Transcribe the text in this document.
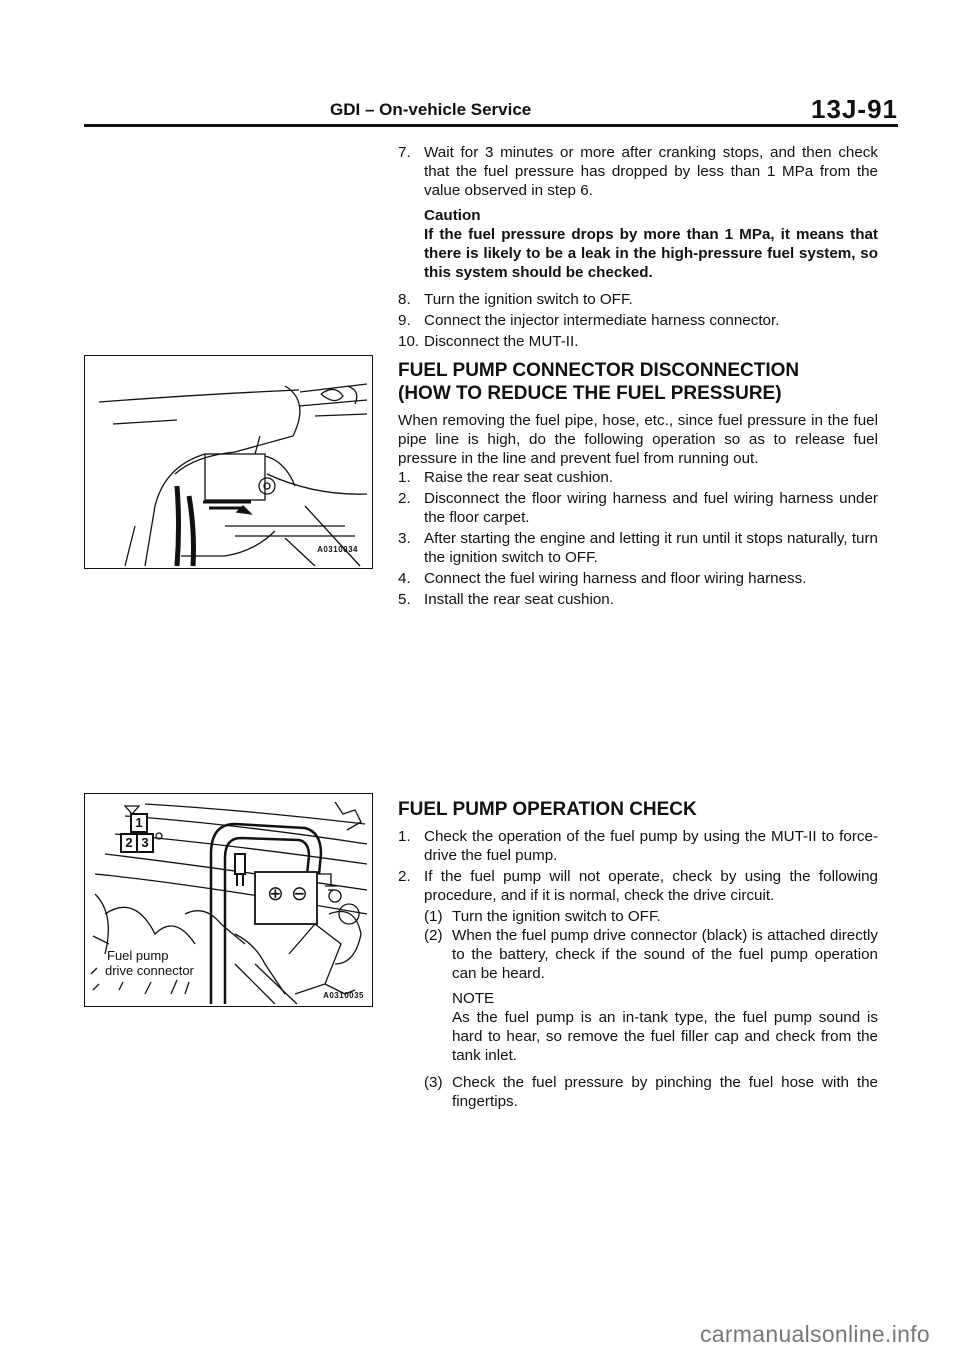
GDI – On-vehicle Service	13J-91
7. Wait for 3 minutes or more after cranking stops, and then check that the fuel pressure has dropped by less than 1 MPa from the value observed in step 6.

Caution

If the fuel pressure drops by more than 1 MPa, it means that there is likely to be a leak in the high-pressure fuel system, so this system should be checked.

8. Turn the ignition switch to OFF.
9. Connect the injector intermediate harness connector.
10. Disconnect the MUT-II.
FUEL PUMP CONNECTOR DISCONNECTION
(HOW TO REDUCE THE FUEL PRESSURE)

When removing the fuel pipe, hose, etc., since fuel pressure in the fuel pipe line is high, do the following operation so as to release fuel pressure in the line and prevent fuel from running out.

1. Raise the rear seat cushion.
2. Disconnect the floor wiring harness and fuel wiring harness under the floor carpet.
3. After starting the engine and letting it run until it stops naturally, turn the ignition switch to OFF.
4. Connect the fuel wiring harness and floor wiring harness.
5. Install the rear seat cushion.
FUEL PUMP OPERATION CHECK
1. Check the operation of the fuel pump by using the MUT-II to force-drive the fuel pump.
2. If the fuel pump will not operate, check by using the following procedure, and if it is normal, check the drive circuit.
(1) Turn the ignition switch to OFF.
(2) When the fuel pump drive connector (black) is attached directly to the battery, check if the sound of the fuel pump operation can be heard.

NOTE

As the fuel pump is an in-tank type, the fuel pump sound is hard to hear, so remove the fuel filler cap and check from the tank inlet.

(3) Check the fuel pressure by pinching the fuel hose with the fingertips.
A0310034
1
2 3
⊕ ⊖
Fuel pump
drive connector
A0310035
carmanualsonline.info
